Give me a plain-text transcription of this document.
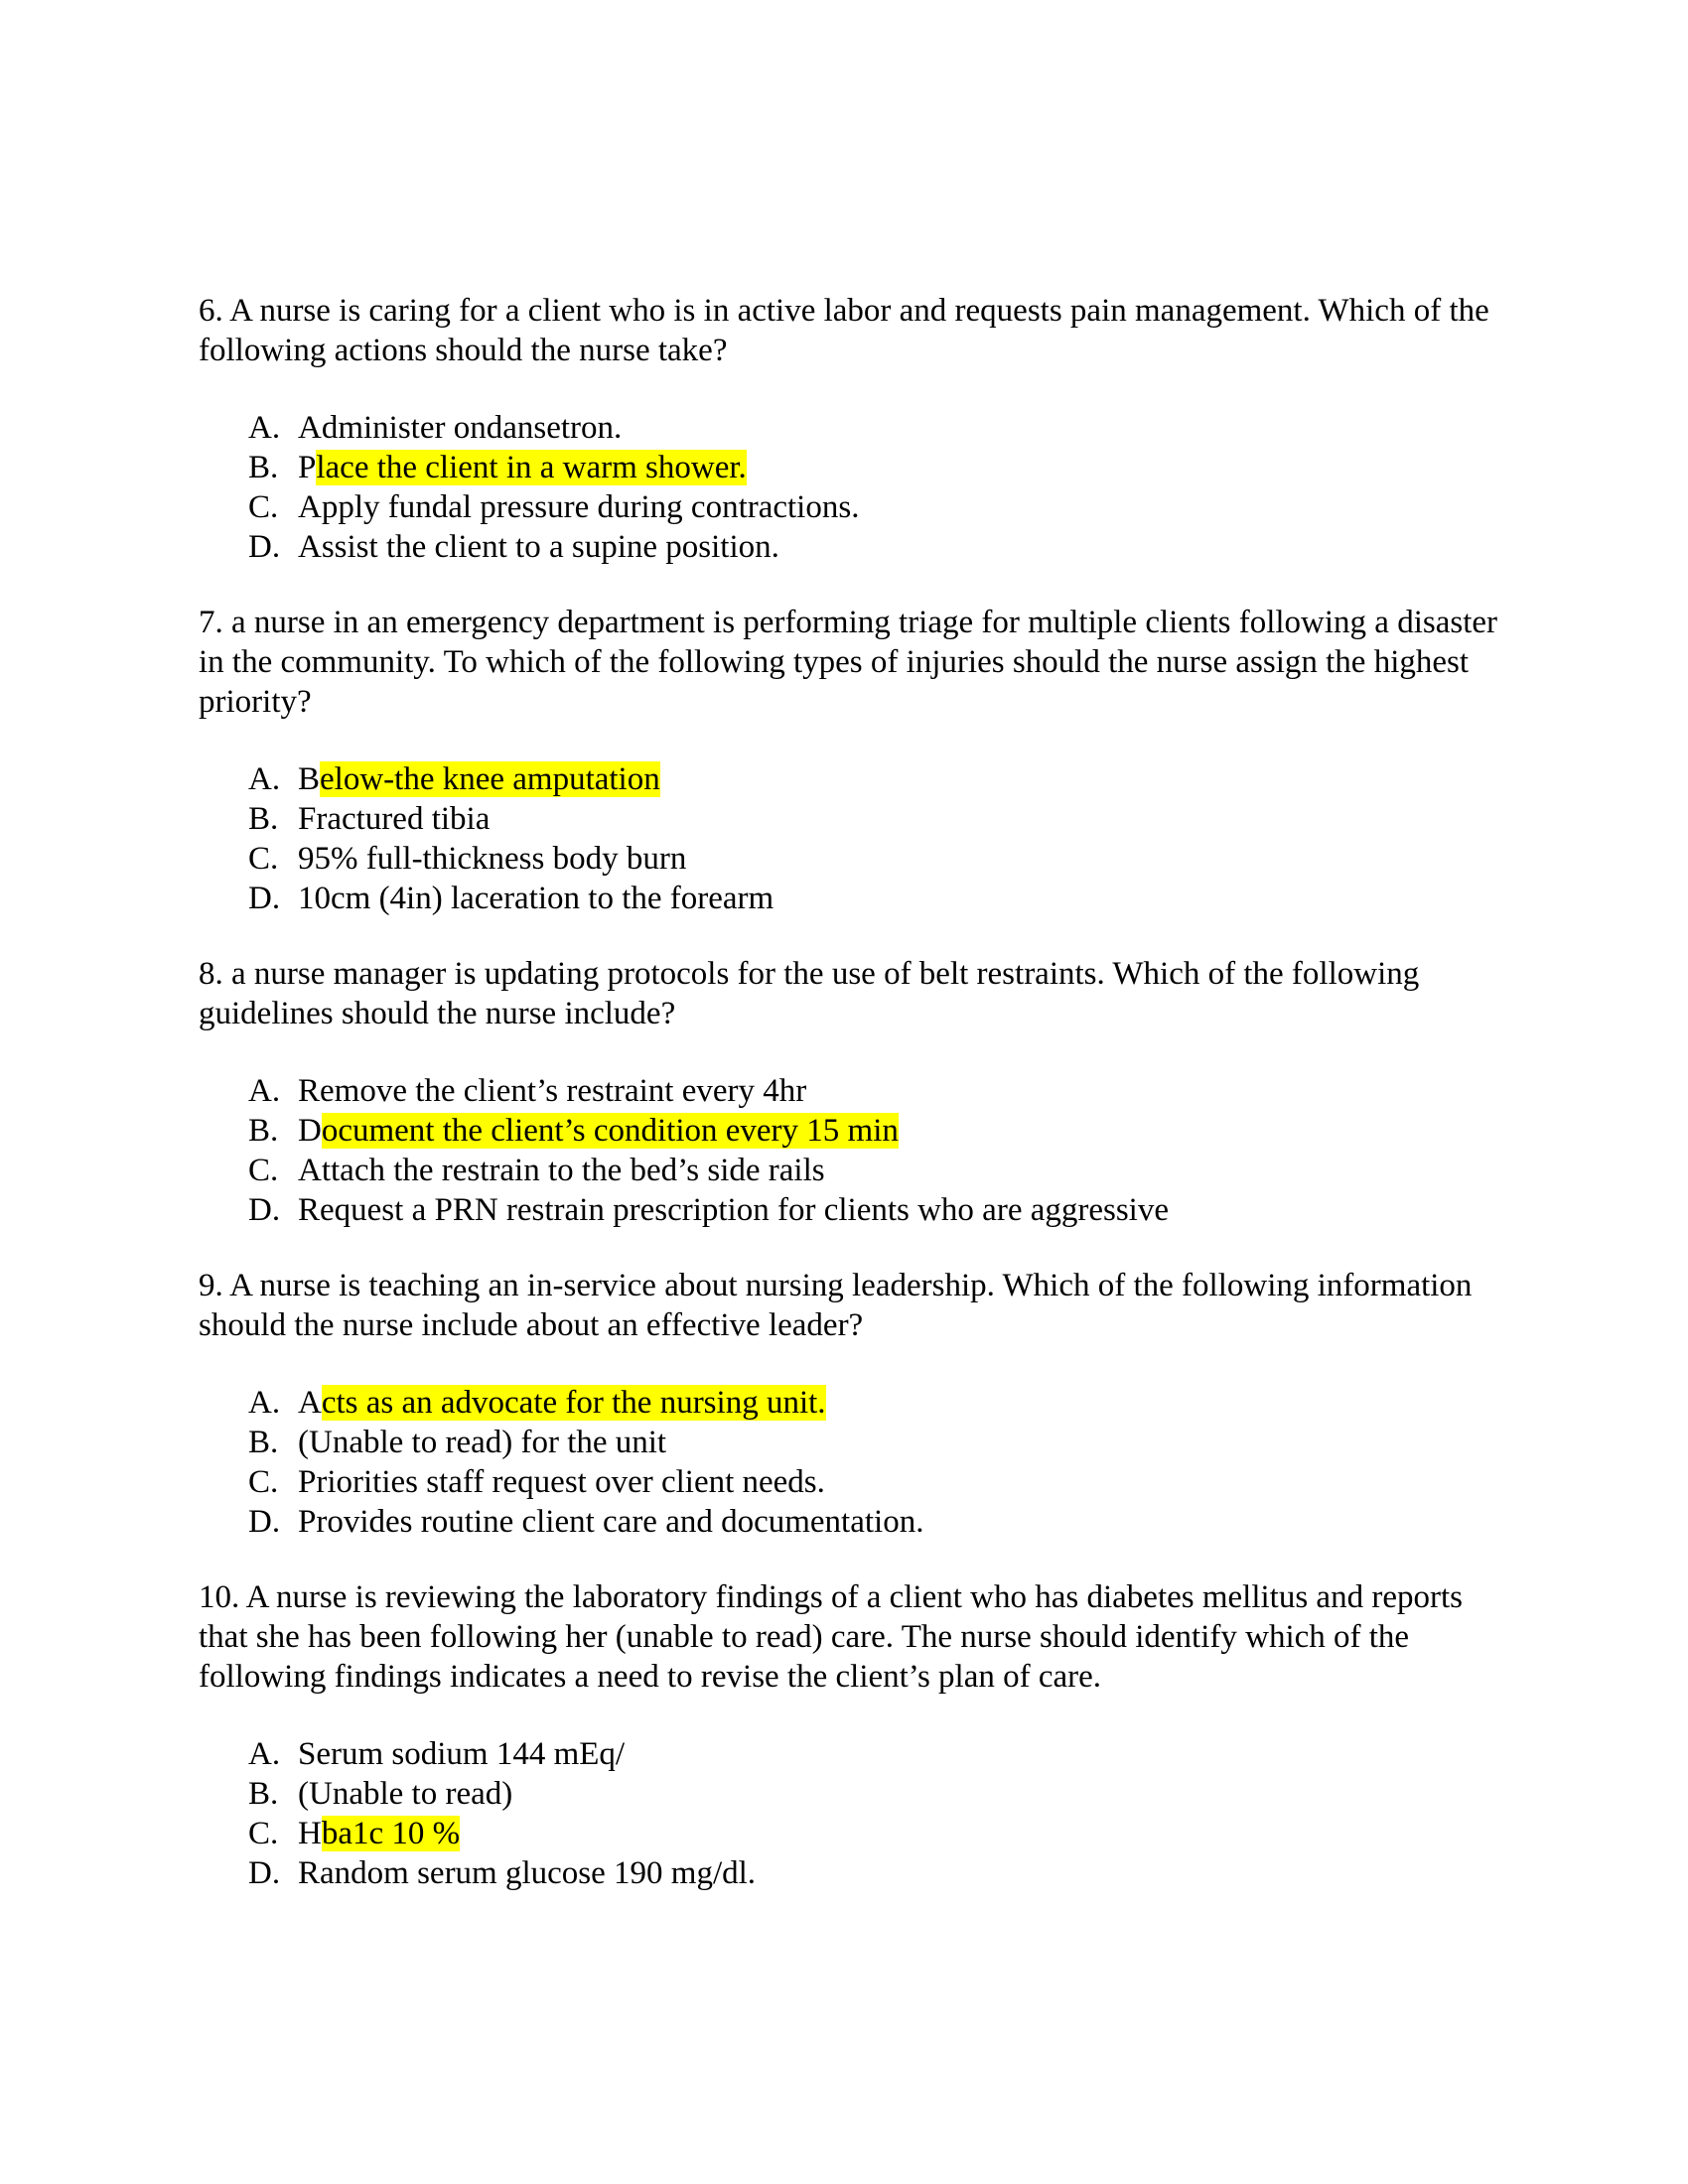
6. A nurse is caring for a client who is in active labor and requests pain management. Which of the following actions should the nurse take?

A. Administer ondansetron.
B. Place the client in a warm shower.
C. Apply fundal pressure during contractions.
D. Assist the client to a supine position.

7. a nurse in an emergency department is performing triage for multiple clients following a disaster in the community. To which of the following types of injuries should the nurse assign the highest priority?

A. Below-the knee amputation
B. Fractured tibia
C. 95% full-thickness body burn
D. 10cm (4in) laceration to the forearm

8. a nurse manager is updating protocols for the use of belt restraints. Which of the following guidelines should the nurse include?

A. Remove the client’s restraint every 4hr
B. Document the client’s condition every 15 min
C. Attach the restrain to the bed’s side rails
D. Request a PRN restrain prescription for clients who are aggressive

9. A nurse is teaching an in-service about nursing leadership. Which of the following information should the nurse include about an effective leader?

A. Acts as an advocate for the nursing unit.
B. (Unable to read) for the unit
C. Priorities staff request over client needs.
D. Provides routine client care and documentation.

10. A nurse is reviewing the laboratory findings of a client who has diabetes mellitus and reports that she has been following her (unable to read) care. The nurse should identify which of the following findings indicates a need to revise the client’s plan of care.

A. Serum sodium 144 mEq/
B. (Unable to read)
C. Hba1c 10 %
D. Random serum glucose 190 mg/dl.
